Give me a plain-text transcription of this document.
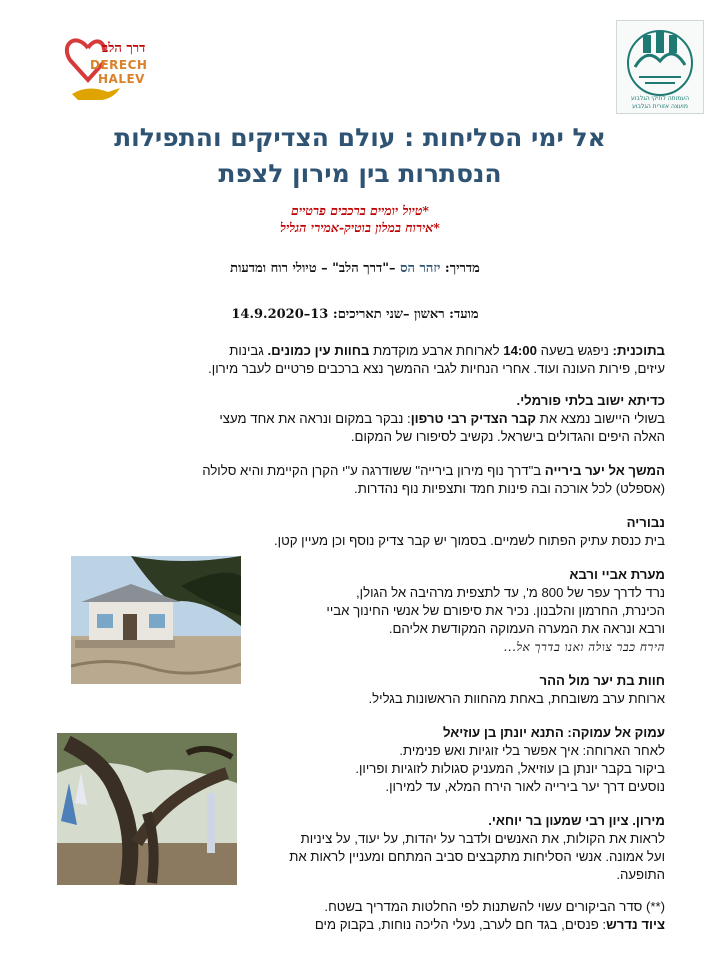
העמותה לתיקי הגלבוע
מועצה אזורית הגלבוע
דרך הלב
DERECH
HALEV
אל ימי הסליחות : עולם הצדיקים והתפילות
הנסתרות בין מירון לצפת
*טיול יומיים ברכבים פרטיים
*אירוח במלון בוטיק-אמירי הגליל
מדריך: יזהר הס –"דרך הלב" – טיולי רוח ומדעות
מועד: ראשון –שני תאריכים: 13–14.9.2020
בתוכנית: ניפגש בשעה 14:00 לארוחת ארבע מוקדמת בחוות עין כמונים. גבינות
עיזים, פירות העונה ועוד. אחרי הנחיות לגבי ההמשך נצא ברכבים פרטיים לעבר מירון.
כדיתא ישוב בלתי פורמלי.
בשולי היישוב נמצא את קבר הצדיק רבי טרפון: נבקר במקום ונראה את אחד מעצי
האלה היפים והגדולים בישראל. נקשיב לסיפורו של המקום.
המשך אל יער בירייה ב"דרך נוף מירון בירייה" ששודרגה ע"י הקרן הקיימת והיא סלולה
(אספלט) לכל אורכה ובה פינות חמד ותצפיות נוף נהדרות.
נבוריה
בית כנסת עתיק הפתוח לשמיים. בסמוך יש קבר צדיק נוסף וכן מעיין קטן.
מערת אביי ורבא
נרד לדרך עפר של 800 מ', עד לתצפית מרהיבה אל הגולן,
הכינרת, החרמון והלבנון. נכיר את סיפורם של אנשי החינוך אביי
ורבא ונראה את המערה העמוקה המקודשת אליהם.
הירח כבר צולה ואנו בדרך אל...
חוות בת יער מול ההר
ארוחת ערב משובחת, באחת מהחוות הראשונות בגליל.
עמוק אל עמוקה: התנא יונתן בן עוזיאל
לאחר הארוחה: איך אפשר בלי זוגיות ואש פנימית.
ביקור בקבר יונתן בן עוזיאל, המעניק סגולות לזוגיות ופריון.
נוסעים דרך יער בירייה לאור הירח המלא, עד למירון.
מירון. ציון רבי שמעון בר יוחאי.
לראות את הקולות, את האנשים ולדבר על יהדות, על יעוד, על ציניות
ועל אמונה. אנשי הסליחות מתקבצים סביב המתחם ומעניין לראות את
התופעה.
(**) סדר הביקורים עשוי להשתנות לפי החלטות המדריך בשטח.
ציוד נדרש: פנסים, בגד חם לערב, נעלי הליכה נוחות, בקבוק מים
